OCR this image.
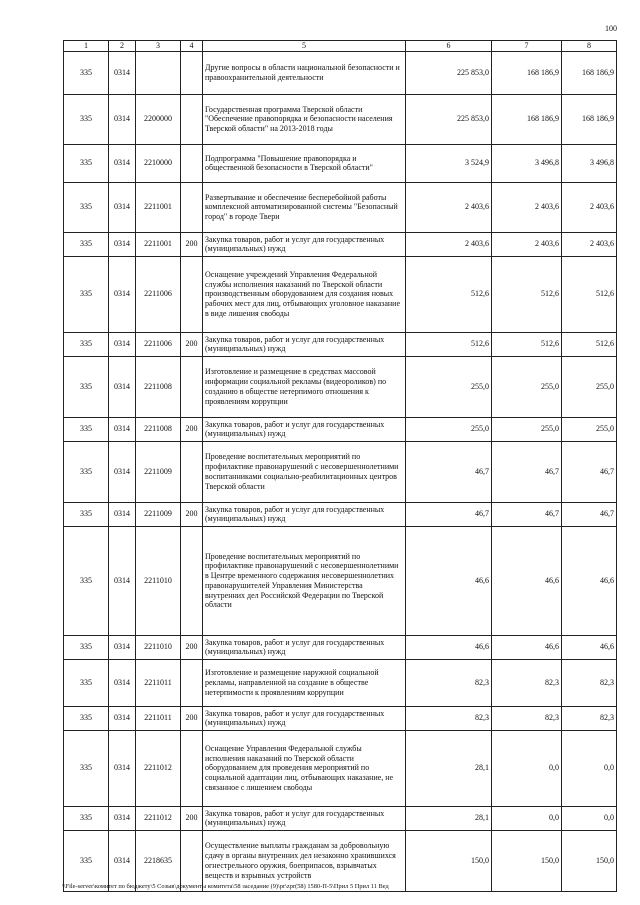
100
1	2	3	4	5	6	7	8
335	0314			Другие вопросы в области национальной безопасности и правоохранительной деятельности	225 853,0	168 186,9	168 186,9
335	0314	2200000		Государственная программа Тверской области "Обеспечение правопорядка и безопасности населения Тверской области" на 2013-2018 годы	225 853,0	168 186,9	168 186,9
335	0314	2210000		Подпрограмма "Повышение правопорядка и общественной безопасности в Тверской области"	3 524,9	3 496,8	3 496,8
335	0314	2211001		Развертывание и обеспечение бесперебойной работы комплексной автоматизированной системы "Безопасный город" в городе Твери	2 403,6	2 403,6	2 403,6
335	0314	2211001	200	Закупка товаров, работ и услуг для государственных (муниципальных) нужд	2 403,6	2 403,6	2 403,6
335	0314	2211006		Оснащение учреждений Управления Федеральной службы исполнения наказаний по Тверской области производственным оборудованием для создания новых рабочих мест для лиц, отбывающих уголовное наказание в виде лишения свободы	512,6	512,6	512,6
335	0314	2211006	200	Закупка товаров, работ и услуг для государственных (муниципальных) нужд	512,6	512,6	512,6
335	0314	2211008		Изготовление и размещение в средствах массовой информации социальной рекламы (видеороликов) по созданию в обществе нетерпимого отношения к проявлениям коррупции	255,0	255,0	255,0
335	0314	2211008	200	Закупка товаров, работ и услуг для государственных (муниципальных) нужд	255,0	255,0	255,0
335	0314	2211009		Проведение воспитательных мероприятий по профилактике правонарушений с несовершеннолетними воспитанниками социально-реабилитационных центров Тверской области	46,7	46,7	46,7
335	0314	2211009	200	Закупка товаров, работ и услуг для государственных (муниципальных) нужд	46,7	46,7	46,7
335	0314	2211010		Проведение воспитательных мероприятий по профилактике правонарушений с несовершеннолетними в Центре временного содержания несовершеннолетних правонарушителей Управления Министерства внутренних дел Российской Федерации по Тверской области	46,6	46,6	46,6
335	0314	2211010	200	Закупка товаров, работ и услуг для государственных (муниципальных) нужд	46,6	46,6	46,6
335	0314	2211011		Изготовление и размещение наружной социальной рекламы, направленной на создание в обществе нетерпимости к проявлениям коррупции	82,3	82,3	82,3
335	0314	2211011	200	Закупка товаров, работ и услуг для государственных (муниципальных) нужд	82,3	82,3	82,3
335	0314	2211012		Оснащение Управления Федеральной службы исполнения наказаний по Тверской области оборудованием для проведения мероприятий по социальной адаптации лиц, отбывающих наказание, не связанное с лишением свободы	28,1	0,0	0,0
335	0314	2211012	200	Закупка товаров, работ и услуг для государственных (муниципальных) нужд	28,1	0,0	0,0
335	0314	2218635		Осуществление выплаты гражданам за добровольную сдачу в органы внутренних дел незаконно хранившихся огнестрельного оружия, боеприпасов, взрывчатых веществ и взрывных устройств	150,0	150,0	150,0
\\File-server\комитет по бюджету\5 Созыв\документы комитета\58 заседание (9)\pr\zpr(58) 1580-П-5\Прил 5 Прил 11 Вед
